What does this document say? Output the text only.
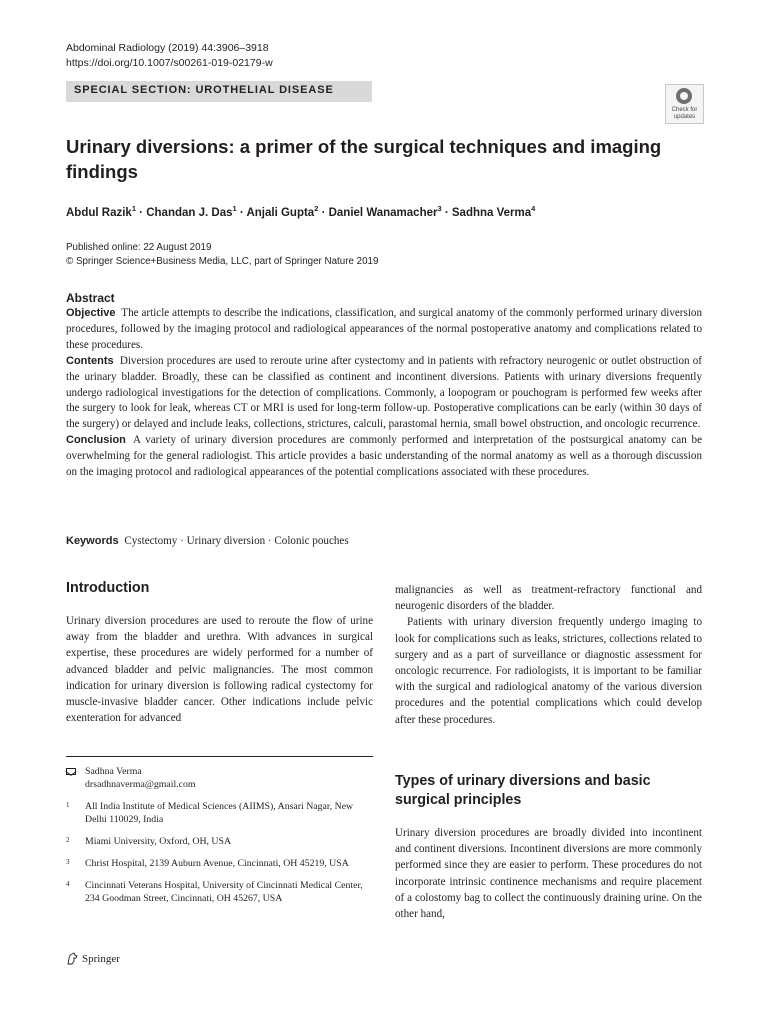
Abdominal Radiology (2019) 44:3906–3918
https://doi.org/10.1007/s00261-019-02179-w
SPECIAL SECTION: UROTHELIAL DISEASE
Check for
updates
Urinary diversions: a primer of the surgical techniques and imaging findings
Abdul Razik$^1$ · Chandan J. Das$^1$ · Anjali Gupta$^2$ · Daniel Wanamacher$^3$ · Sadhna Verma$^4$
Published online: 22 August 2019
© Springer Science+Business Media, LLC, part of Springer Nature 2019
Abstract

Objective The article attempts to describe the indications, classification, and surgical anatomy of the commonly performed urinary diversion procedures, followed by the imaging protocol and radiological appearances of the normal postoperative anatomy and complications related to these procedures.

Contents Diversion procedures are used to reroute urine after cystectomy and in patients with refractory neurogenic or outlet obstruction of the urinary bladder. Broadly, these can be classified as continent and incontinent diversions. Patients with urinary diversions frequently undergo radiological investigations for the detection of complications. Commonly, a loopogram or pouchogram is performed few weeks after the surgery to look for leak, whereas CT or MRI is used for long-term follow-up. Postoperative complications can be early (within 30 days of the surgery) or delayed and include leaks, collections, strictures, calculi, parastomal hernia, small bowel obstruction, and oncologic recurrence.

Conclusion A variety of urinary diversion procedures are commonly performed and interpretation of the postsurgical anatomy can be overwhelming for the general radiologist. This article provides a basic understanding of the normal anatomy as well as a thorough discussion on the imaging protocol and radiological appearances of the potential complications associated with these procedures.

Keywords Cystectomy · Urinary diversion · Colonic pouches
Introduction

Urinary diversion procedures are used to reroute the flow of urine away from the bladder and urethra. With advances in surgical expertise, these procedures are widely performed for a number of advanced bladder and pelvic malignancies. The most common indication for urinary diversion is following radical cystectomy for muscle-invasive bladder cancer. Other indications include pelvic exenteration for advanced

malignancies as well as treatment-refractory functional and neurogenic disorders of the bladder.

Patients with urinary diversion frequently undergo imaging to look for complications such as leaks, strictures, collections related to surgery and as a part of surveillance or diagnostic assessment for oncologic recurrence. For radiologists, it is important to be familiar with the surgical and radiological anatomy of the various diversion procedures and the potential complications which could develop after these procedures.

Sadhna Verma
drsadhnaverma@gmail.com
1 All India Institute of Medical Sciences (AIIMS), Ansari Nagar, New Delhi 110029, India
2 Miami University, Oxford, OH, USA
3 Christ Hospital, 2139 Auburn Avenue, Cincinnati, OH 45219, USA
4 Cincinnati Veterans Hospital, University of Cincinnati Medical Center, 234 Goodman Street, Cincinnati, OH 45267, USA
Types of urinary diversions and basic surgical principles

Urinary diversion procedures are broadly divided into incontinent and continent diversions. Incontinent diversions are more commonly performed since they are easier to perform. These procedures do not incorporate intrinsic continence mechanisms and require placement of a colostomy bag to collect the continuously draining urine. On the other hand,

Springer
